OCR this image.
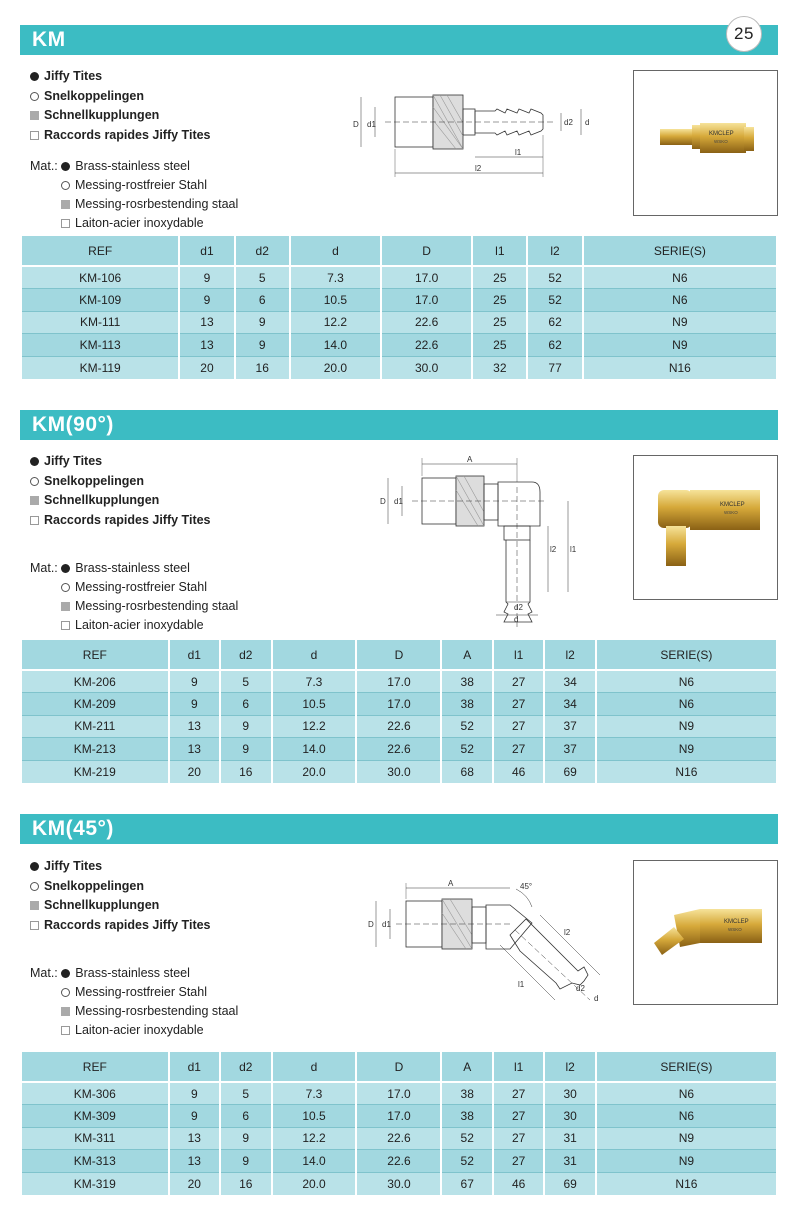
KM	25
Jiffy Tites
Snelkoppelingen
Schnellkupplungen
Raccords rapides Jiffy Tites
Mat.:
Brass-stainless steel
Messing-rostfreier Stahl
Messing-rosrbestending staal
Laiton-acier inoxydable
D d1	d2 d
l1
l2
KMCLEP
WSKO
REF	d1	d2	d	D	l1	l2	SERIE(S)
KM-106	9	5	7.3	17.0	25	52	N6
KM-109	9	6	10.5	17.0	25	52	N6
KM-111	13	9	12.2	22.6	25	62	N9
KM-113	13	9	14.0	22.6	25	62	N9
KM-119	20	16	20.0	30.0	32	77	N16
KM(90°)
Jiffy Tites
Snelkoppelingen
Schnellkupplungen
Raccords rapides Jiffy Tites
Mat.:
Brass-stainless steel
Messing-rostfreier Stahl
Messing-rosrbestending staal
Laiton-acier inoxydable
A
D d1
l2 l1
d2
d
KMCLEP
WSKO
REF	d1	d2	d	D	A	l1	l2	SERIE(S)
KM-206	9	5	7.3	17.0	38	27	34	N6
KM-209	9	6	10.5	17.0	38	27	34	N6
KM-211	13	9	12.2	22.6	52	27	37	N9
KM-213	13	9	14.0	22.6	52	27	37	N9
KM-219	20	16	20.0	30.0	68	46	69	N16
KM(45°)
Jiffy Tites
Snelkoppelingen
Schnellkupplungen
Raccords rapides Jiffy Tites
Mat.:
Brass-stainless steel
Messing-rostfreier Stahl
Messing-rosrbestending staal
Laiton-acier inoxydable
A	45°
D d1
l2
l1	d2
d
KMCLEP
WSKO
REF	d1	d2	d	D	A	l1	l2	SERIE(S)
KM-306	9	5	7.3	17.0	38	27	30	N6
KM-309	9	6	10.5	17.0	38	27	30	N6
KM-311	13	9	12.2	22.6	52	27	31	N9
KM-313	13	9	14.0	22.6	52	27	31	N9
KM-319	20	16	20.0	30.0	67	46	69	N16
